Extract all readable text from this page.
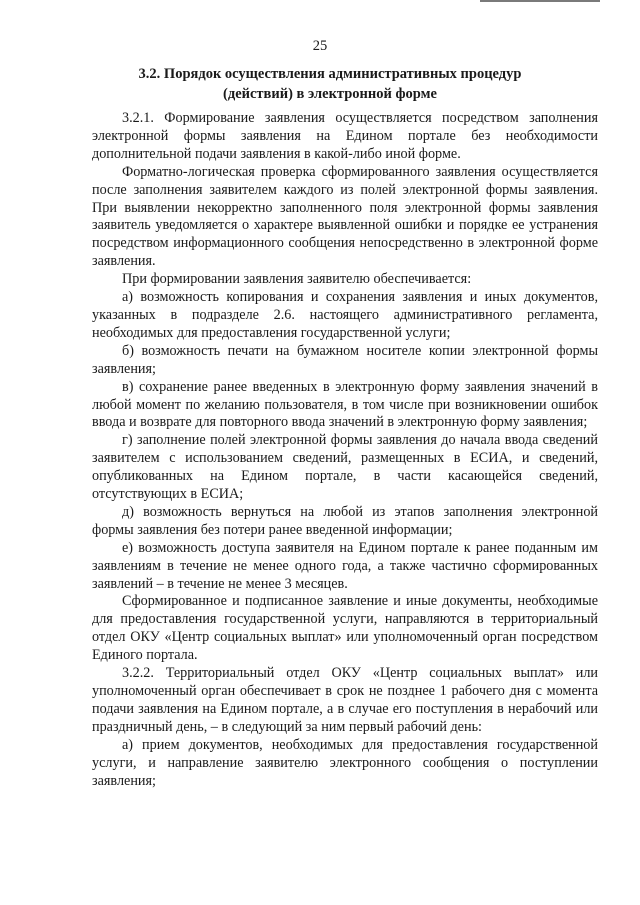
25
3.2. Порядок осуществления административных процедур
(действий) в электронной форме

3.2.1. Формирование заявления осуществляется посредством заполнения электронной формы заявления на Едином портале без необходимости дополнительной подачи заявления в какой-либо иной форме.

Форматно-логическая проверка сформированного заявления осуществляется после заполнения заявителем каждого из полей электронной формы заявления. При выявлении некорректно заполненного поля электронной формы заявления заявитель уведомляется о характере выявленной ошибки и порядке ее устранения посредством информационного сообщения непосредственно в электронной форме заявления.

При формировании заявления заявителю обеспечивается:

а) возможность копирования и сохранения заявления и иных документов, указанных в подразделе 2.6. настоящего административного регламента, необходимых для предоставления государственной услуги;

б) возможность печати на бумажном носителе копии электронной формы заявления;

в) сохранение ранее введенных в электронную форму заявления значений в любой момент по желанию пользователя, в том числе при возникновении ошибок ввода и возврате для повторного ввода значений в электронную форму заявления;

г) заполнение полей электронной формы заявления до начала ввода сведений заявителем с использованием сведений, размещенных в ЕСИА, и сведений, опубликованных на Едином портале, в части касающейся сведений, отсутствующих в ЕСИА;

д) возможность вернуться на любой из этапов заполнения электронной формы заявления без потери ранее введенной информации;

е) возможность доступа заявителя на Едином портале к ранее поданным им заявлениям в течение не менее одного года, а также частично сформированных заявлений – в течение не менее 3 месяцев.

Сформированное и подписанное заявление и иные документы, необходимые для предоставления государственной услуги, направляются в территориальный отдел ОКУ «Центр социальных выплат» или уполномоченный орган посредством Единого портала.

3.2.2. Территориальный отдел ОКУ «Центр социальных выплат» или уполномоченный орган обеспечивает в срок не позднее 1 рабочего дня с момента подачи заявления на Едином портале, а в случае его поступления в нерабочий или праздничный день, – в следующий за ним первый рабочий день:

а) прием документов, необходимых для предоставления государственной услуги, и направление заявителю электронного сообщения о поступлении заявления;
